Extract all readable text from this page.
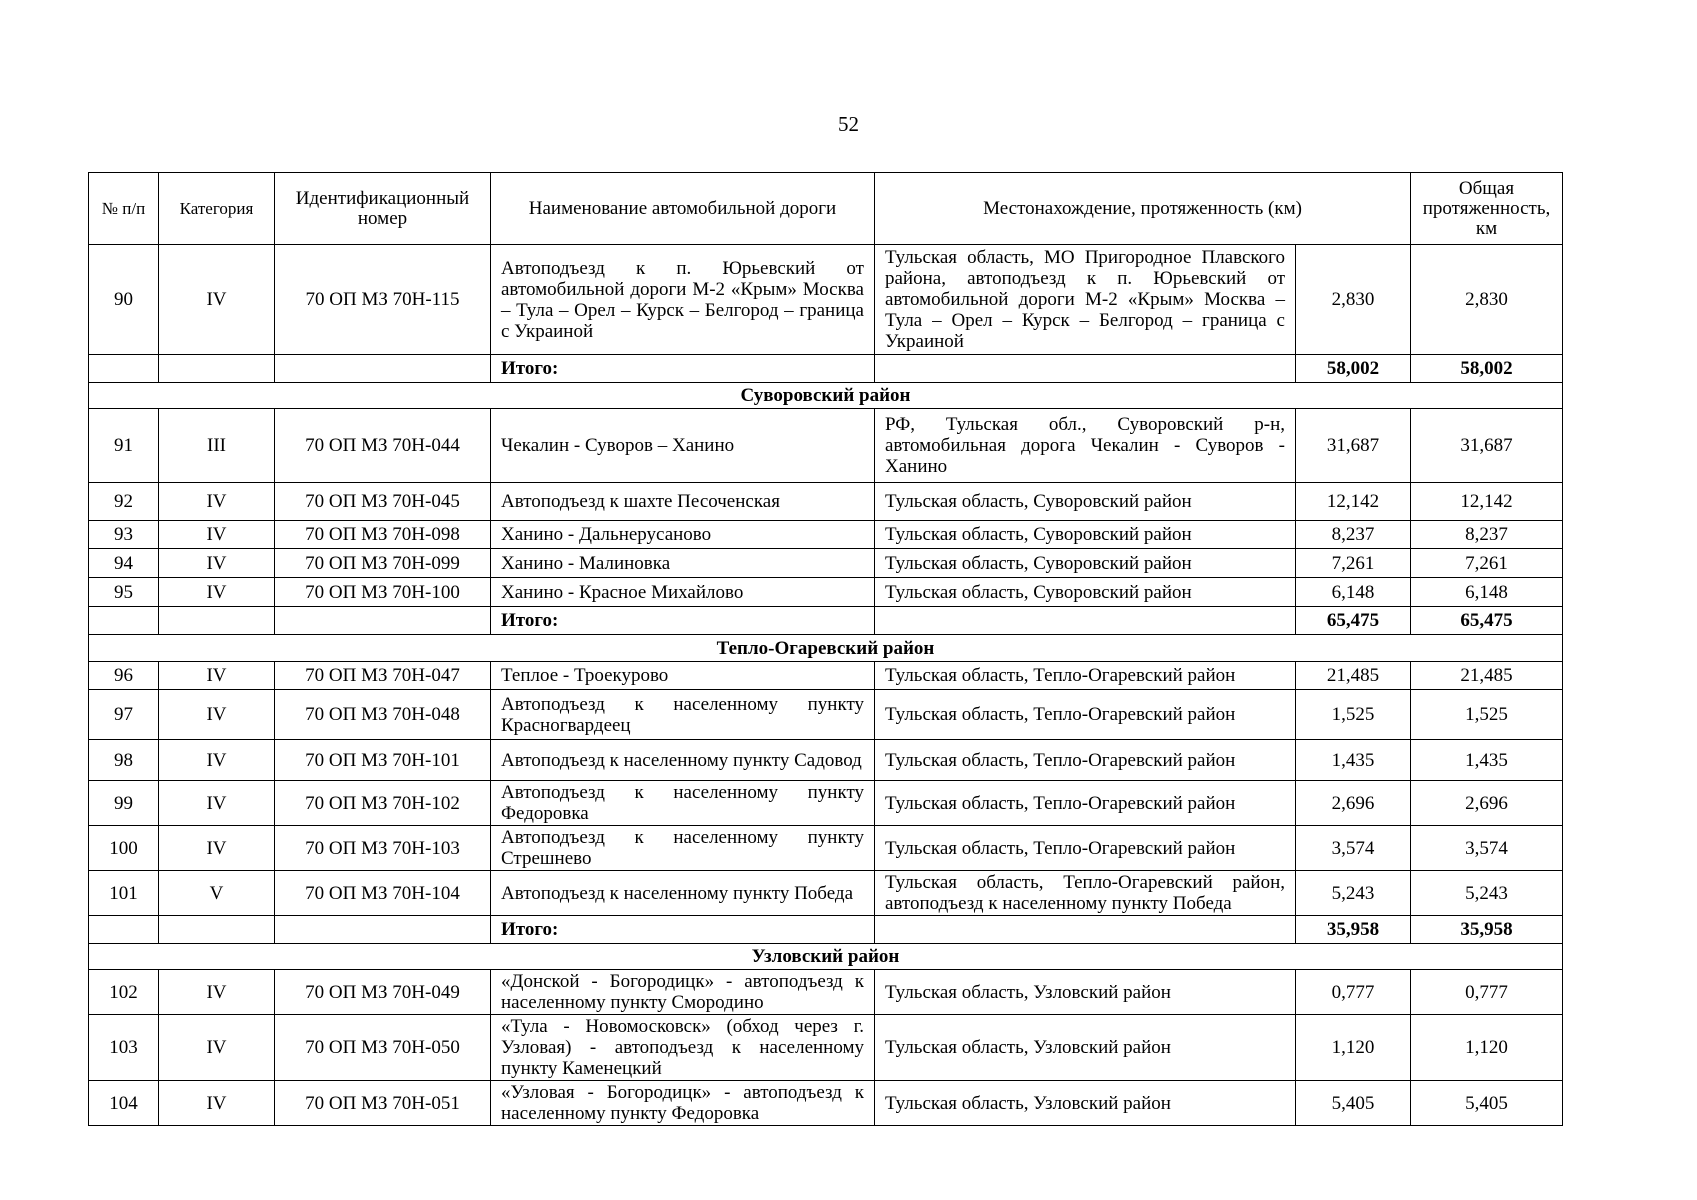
52
№ п/п	Категория	Идентификационный номер	Наименование автомобильной дороги	Местонахождение, протяженность (км)		Общая протяженность, км
90	IV	70 ОП МЗ 70Н-115	Автоподъезд к п. Юрьевский от автомобильной дороги М-2 «Крым» Москва – Тула – Орел – Курск – Белгород – граница с Украиной	Тульская область, МО Пригородное Плавского района, автоподъезд к п. Юрьевский от автомобильной дороги М-2 «Крым» Москва – Тула – Орел – Курск – Белгород – граница с Украиной	2,830	2,830
			Итого:		58,002	58,002
Суворовский район						
91	III	70 ОП МЗ 70Н-044	Чекалин - Суворов – Ханино	РФ, Тульская обл., Суворовский р-н, автомобильная дорога Чекалин - Суворов - Ханино	31,687	31,687
92	IV	70 ОП МЗ 70Н-045	Автоподъезд к шахте Песоченская	Тульская область, Суворовский район	12,142	12,142
93	IV	70 ОП МЗ 70Н-098	Ханино - Дальнерусаново	Тульская область, Суворовский район	8,237	8,237
94	IV	70 ОП МЗ 70Н-099	Ханино - Малиновка	Тульская область, Суворовский район	7,261	7,261
95	IV	70 ОП МЗ 70Н-100	Ханино - Красное Михайлово	Тульская область, Суворовский район	6,148	6,148
			Итого:		65,475	65,475
Тепло-Огаревский район						
96	IV	70 ОП МЗ 70Н-047	Теплое - Троекурово	Тульская область, Тепло-Огаревский район	21,485	21,485
97	IV	70 ОП МЗ 70Н-048	Автоподъезд к населенному пункту Красногвардеец	Тульская область, Тепло-Огаревский район	1,525	1,525
98	IV	70 ОП МЗ 70Н-101	Автоподъезд к населенному пункту Садовод	Тульская область, Тепло-Огаревский район	1,435	1,435
99	IV	70 ОП МЗ 70Н-102	Автоподъезд к населенному пункту Федоровка	Тульская область, Тепло-Огаревский район	2,696	2,696
100	IV	70 ОП МЗ 70Н-103	Автоподъезд к населенному пункту Стрешнево	Тульская область, Тепло-Огаревский район	3,574	3,574
101	V	70 ОП МЗ 70Н-104	Автоподъезд к населенному пункту Победа	Тульская область, Тепло-Огаревский район, автоподъезд к населенному пункту Победа	5,243	5,243
			Итого:		35,958	35,958
Узловский район						
102	IV	70 ОП МЗ 70Н-049	«Донской - Богородицк» - автоподъезд к населенному пункту Смородино	Тульская область, Узловский район	0,777	0,777
103	IV	70 ОП МЗ 70Н-050	«Тула - Новомосковск» (обход через г. Узловая) - автоподъезд к населенному пункту Каменецкий	Тульская область, Узловский район	1,120	1,120
104	IV	70 ОП МЗ 70Н-051	«Узловая - Богородицк» - автоподъезд к населенному пункту Федоровка	Тульская область, Узловский район	5,405	5,405
